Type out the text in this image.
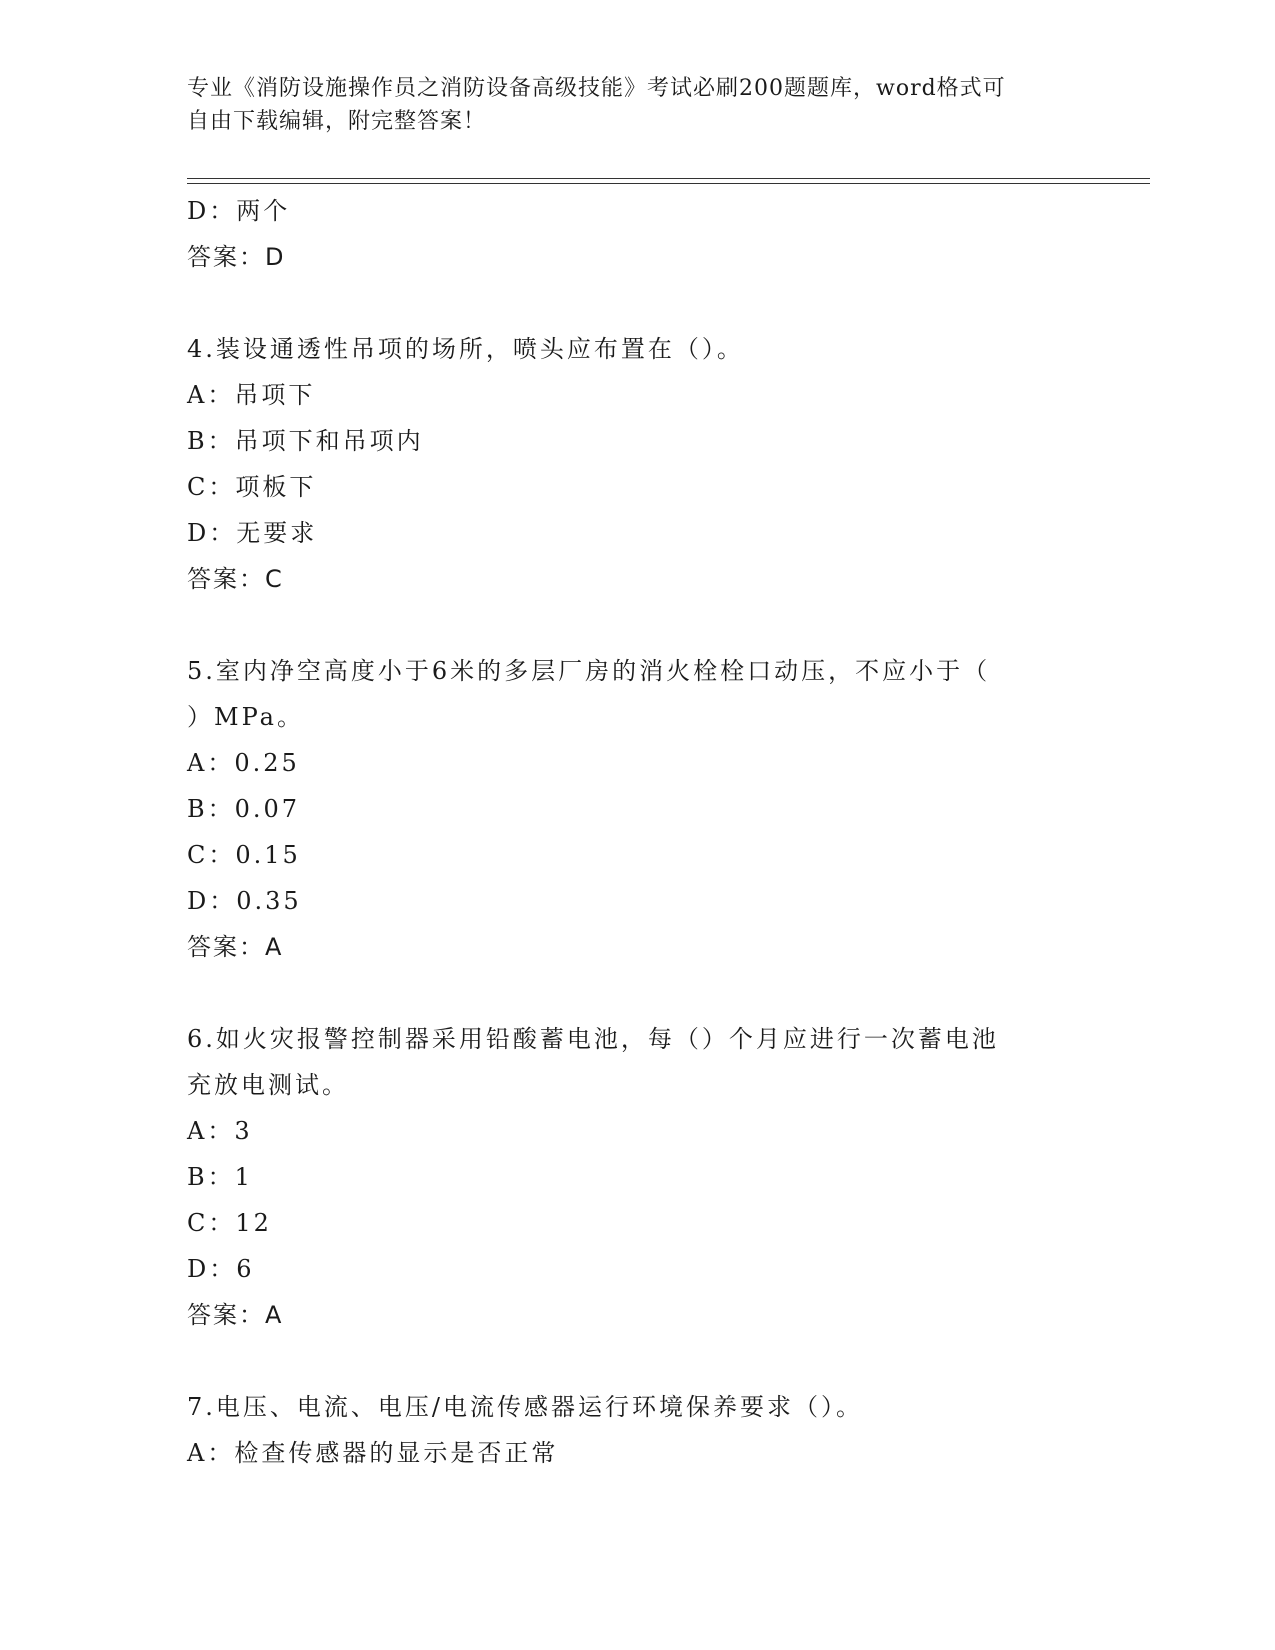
专业《消防设施操作员之消防设备高级技能》考试必刷200题题库，word格式可
自由下载编辑，附完整答案！
D：两个
答案：D
4.装设通透性吊项的场所，喷头应布置在（）。
A：吊项下
B：吊项下和吊项内
C：项板下
D：无要求
答案：C
5.室内净空高度小于6米的多层厂房的消火栓栓口动压，不应小于（
）MPa。
A：0.25
B：0.07
C：0.15
D：0.35
答案：A
6.如火灾报警控制器采用铅酸蓄电池，每（）个月应进行一次蓄电池
充放电测试。
A：3
B：1
C：12
D：6
答案：A
7.电压、电流、电压/电流传感器运行环境保养要求（）。
A：检查传感器的显示是否正常
